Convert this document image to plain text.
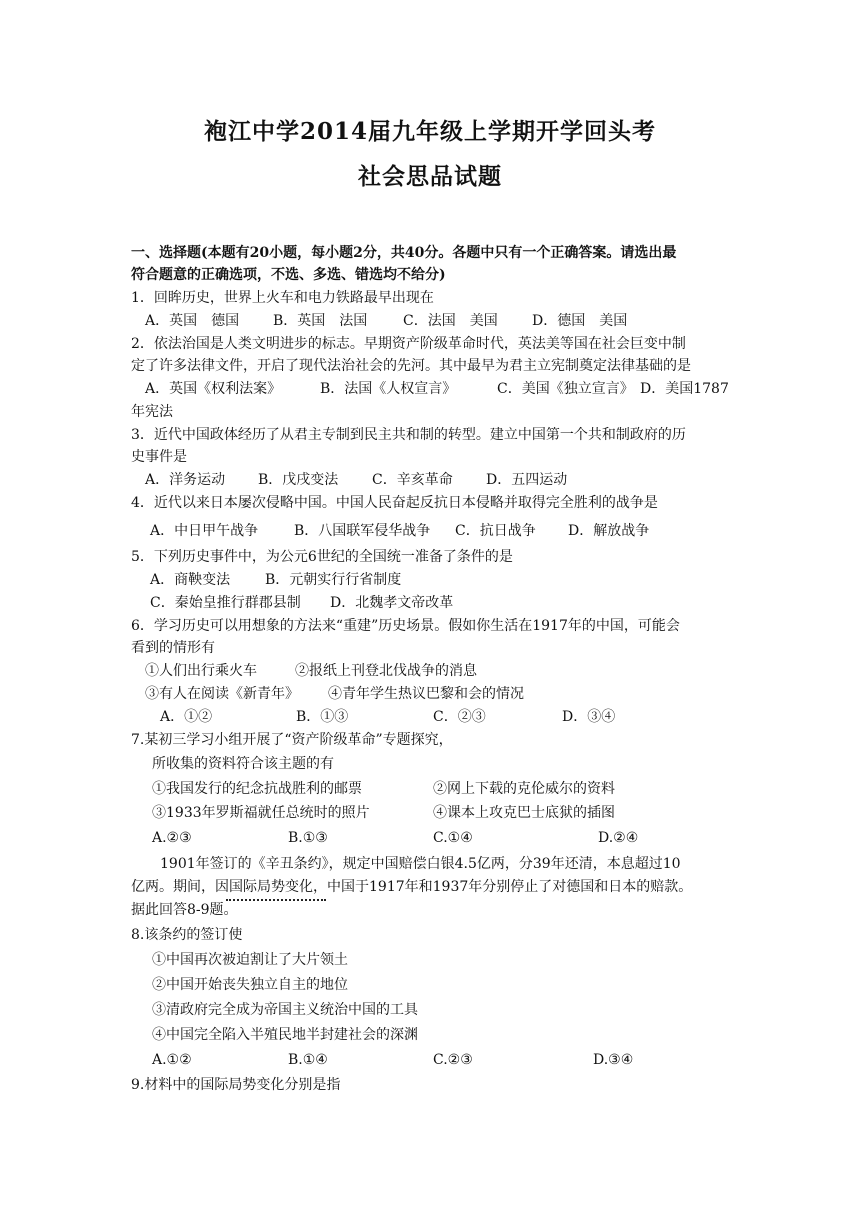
袍江中学2014届九年级上学期开学回头考
社会思品试题
一、选择题(本题有20小题，每小题2分，共40分。各题中只有一个正确答案。请选出最
符合题意的正确选项，不选、多选、错选均不给分)
1．回眸历史，世界上火车和电力铁路最早出现在
A．英国　德国 B．英国　法国	C．法国　美国 D．德国　美国
2．依法治国是人类文明进步的标志。早期资产阶级革命时代，英法美等国在社会巨变中制
定了许多法律文件，开启了现代法治社会的先河。其中最早为君主立宪制奠定法律基础的是
A．英国《权利法案》	B．法国《人权宣言》	C．美国《独立宣言》 D．美国1787
年宪法
3．近代中国政体经历了从君主专制到民主共和制的转型。建立中国第一个共和制政府的历
史事件是
A．洋务运动 B．戊戌变法 C．辛亥革命 D．五四运动
4．近代以来日本屡次侵略中国。中国人民奋起反抗日本侵略并取得完全胜利的战争是
A．中日甲午战争	B．八国联军侵华战争 C．抗日战争 D．解放战争
5．下列历史事件中，为公元6世纪的全国统一准备了条件的是
A．商鞅变法 B．元朝实行行省制度
C．秦始皇推行群郡县制 D．北魏孝文帝改革
6．学习历史可以用想象的方法来“重建”历史场景。假如你生活在1917年的中国，可能会
看到的情形有
①人们出行乘火车	②报纸上刊登北伐战争的消息
③有人在阅读《新青年》 ④青年学生热议巴黎和会的情况
A．①②	B．①③	C．②③	D．③④
7.某初三学习小组开展了“资产阶级革命”专题探究，
所收集的资料符合该主题的有
①我国发行的纪念抗战胜利的邮票	②网上下载的克伦威尔的资料
③1933年罗斯福就任总统时的照片	④课本上攻克巴士底狱的插图
A.②③	B.①③	C.①④	D.②④
1901年签订的《辛丑条约》，规定中国赔偿白银4.5亿两，分39年还清，本息超过10
亿两。期间，因国际局势变化，中国于1917年和1937年分别停止了对德国和日本的赔款。
据此回答8-9题。
8.该条约的签订使
①中国再次被迫割让了大片领土
②中国开始丧失独立自主的地位
③清政府完全成为帝国主义统治中国的工具
④中国完全陷入半殖民地半封建社会的深渊
A.①②	B.①④	C.②③	D.③④
9.材料中的国际局势变化分别是指
